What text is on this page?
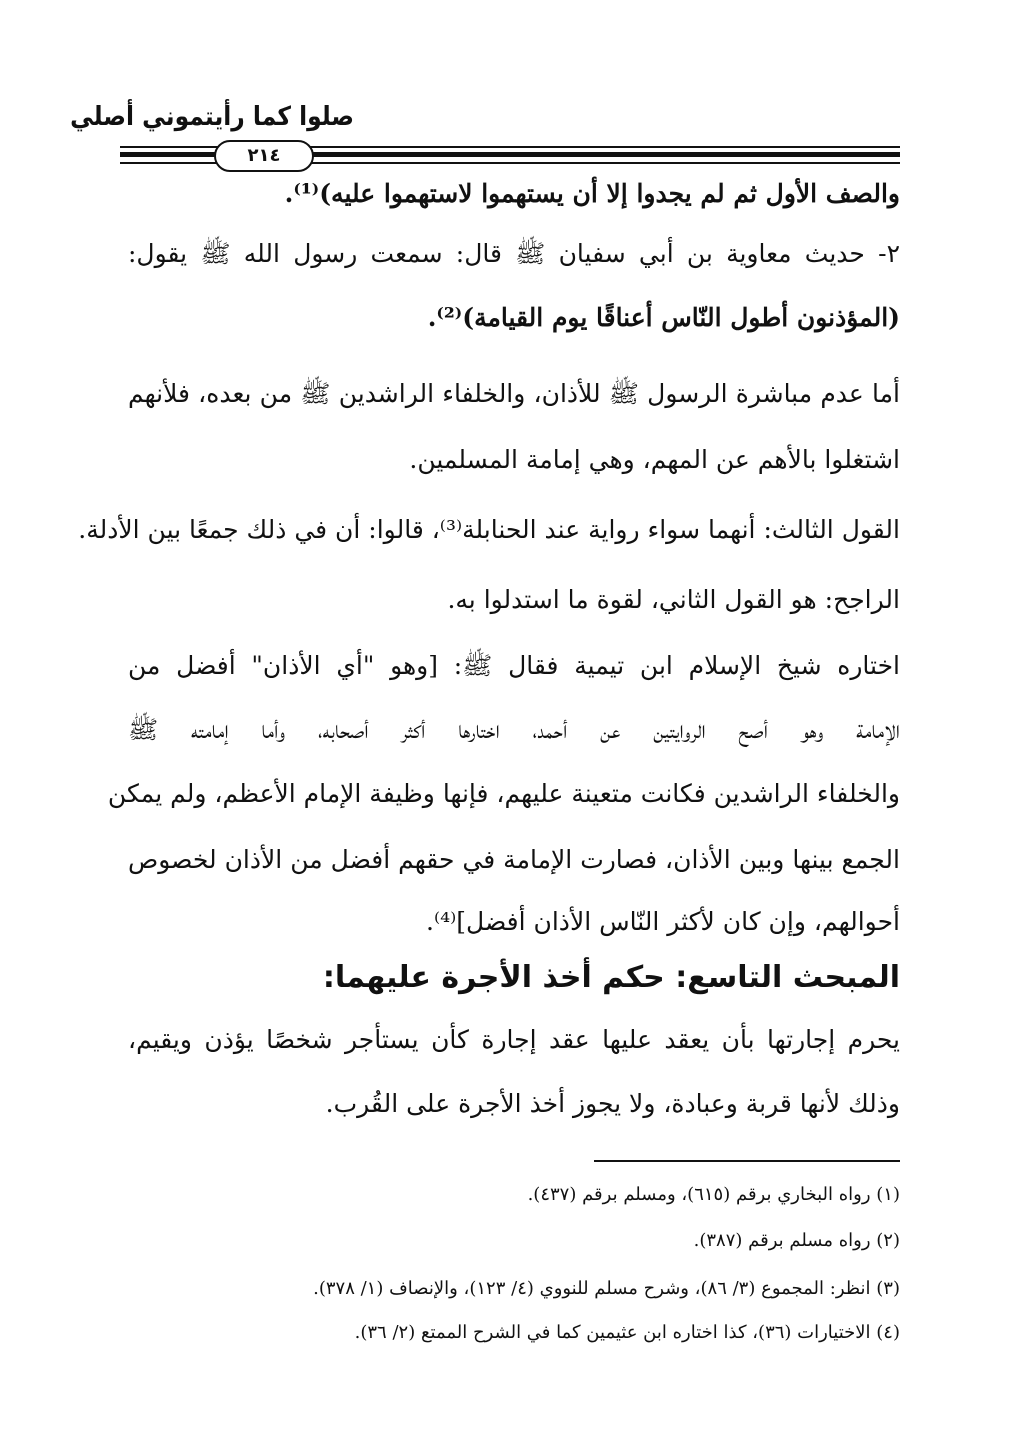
صلوا كما رأيتموني أصلي
٢١٤
والصف الأول ثم لم يجدوا إلا أن يستهموا لاستهموا عليه)⁽¹⁾.
٢- حديث معاوية بن أبي سفيان ﷺ قال: سمعت رسول الله ﷺ يقول:
(المؤذنون أطول النّاس أعناقًا يوم القيامة)⁽²⁾.
أما عدم مباشرة الرسول ﷺ للأذان، والخلفاء الراشدين ﷺ من بعده، فلأنهم
اشتغلوا بالأهم عن المهم، وهي إمامة المسلمين.
القول الثالث: أنهما سواء رواية عند الحنابلة⁽³⁾، قالوا: أن في ذلك جمعًا بين الأدلة.
الراجح: هو القول الثاني، لقوة ما استدلوا به.
اختاره شيخ الإسلام ابن تيمية فقال ﷺ: [وهو "أي الأذان" أفضل من
الإمامة وهو أصح الروايتين عن أحمد، اختارها أكثر أصحابه، وأما إمامته ﷺ
والخلفاء الراشدين فكانت متعينة عليهم، فإنها وظيفة الإمام الأعظم، ولم يمكن
الجمع بينها وبين الأذان، فصارت الإمامة في حقهم أفضل من الأذان لخصوص
أحوالهم، وإن كان لأكثر النّاس الأذان أفضل]⁽⁴⁾.
المبحث التاسع: حكم أخذ الأجرة عليهما:
يحرم إجارتها بأن يعقد عليها عقد إجارة كأن يستأجر شخصًا يؤذن ويقيم،
وذلك لأنها قربة وعبادة، ولا يجوز أخذ الأجرة على القُرب.
(١) رواه البخاري برقم (٦١٥)، ومسلم برقم (٤٣٧).
(٢) رواه مسلم برقم (٣٨٧).
(٣) انظر: المجموع (٣/ ٨٦)، وشرح مسلم للنووي (٤/ ١٢٣)، والإنصاف (١/ ٣٧٨).
(٤) الاختيارات (٣٦)، كذا اختاره ابن عثيمين كما في الشرح الممتع (٢/ ٣٦).
